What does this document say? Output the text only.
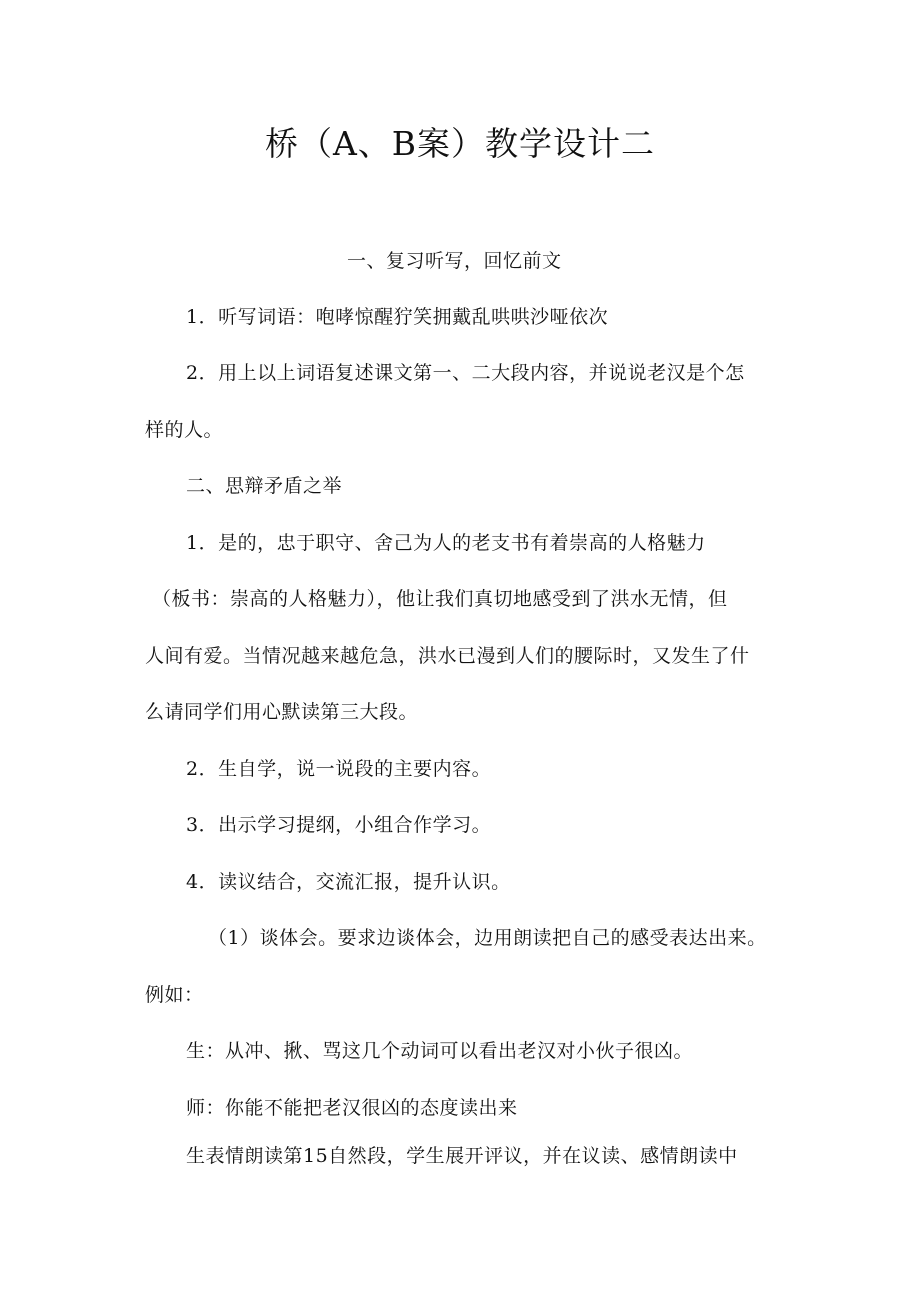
桥（A、B案）教学设计二
一、复习听写，回忆前文
1．听写词语：咆哮惊醒狞笑拥戴乱哄哄沙哑依次
2．用上以上词语复述课文第一、二大段内容，并说说老汉是个怎
样的人。
二、思辩矛盾之举
1．是的，忠于职守、舍己为人的老支书有着崇高的人格魅力
（板书：崇高的人格魅力），他让我们真切地感受到了洪水无情，但
人间有爱。当情况越来越危急，洪水已漫到人们的腰际时，又发生了什
么请同学们用心默读第三大段。
2．生自学，说一说段的主要内容。
3．出示学习提纲，小组合作学习。
4．读议结合，交流汇报，提升认识。
（1）谈体会。要求边谈体会，边用朗读把自己的感受表达出来。
例如：
生：从冲、揪、骂这几个动词可以看出老汉对小伙子很凶。
师：你能不能把老汉很凶的态度读出来
生表情朗读第15自然段，学生展开评议，并在议读、感情朗读中
